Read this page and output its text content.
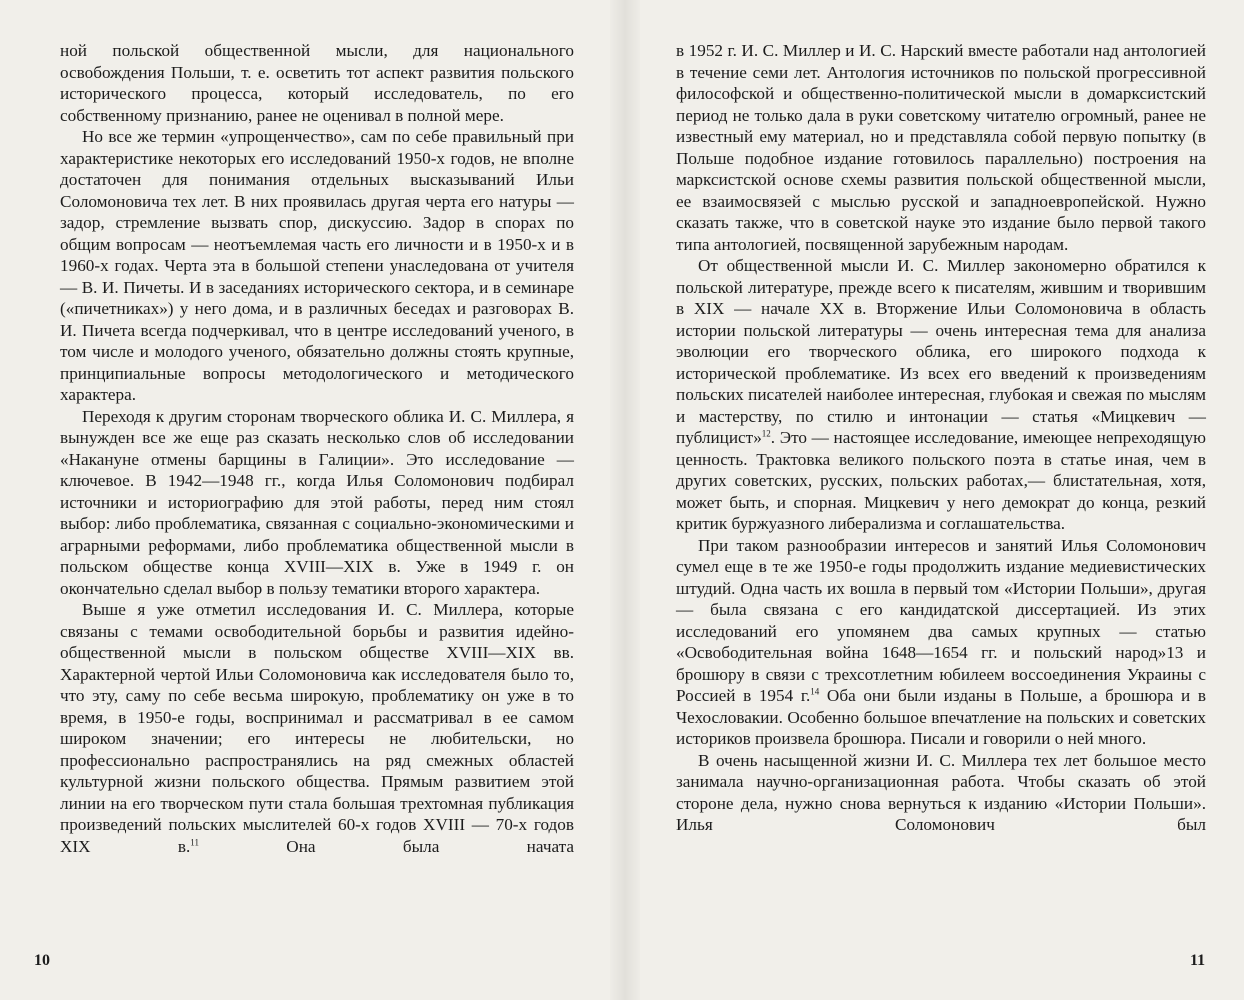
ной польской общественной мысли, для национального освобождения Польши, т. е. осветить тот аспект развития польского исторического процесса, который исследователь, по его собственному признанию, ранее не оценивал в полной мере.

Но все же термин «упрощенчество», сам по себе правильный при характеристике некоторых его исследований 1950-х годов, не вполне достаточен для понимания отдельных высказываний Ильи Соломоновича тех лет. В них проявилась другая черта его натуры — задор, стремление вызвать спор, дискуссию. Задор в спорах по общим вопросам — неотъемлемая часть его личности и в 1950-х и в 1960-х годах. Черта эта в большой степени унаследована от учителя — В. И. Пичеты. И в заседаниях исторического сектора, и в семинаре («пичетниках») у него дома, и в различных беседах и разговорах В. И. Пичета всегда подчеркивал, что в центре исследований ученого, в том числе и молодого ученого, обязательно должны стоять крупные, принципиальные вопросы методологического и методического характера.

Переходя к другим сторонам творческого облика И. С. Миллера, я вынужден все же еще раз сказать несколько слов об исследовании «Накануне отмены барщины в Галиции». Это исследование — ключевое. В 1942—1948 гг., когда Илья Соломонович подбирал источники и историографию для этой работы, перед ним стоял выбор: либо проблематика, связанная с социально-экономическими и аграрными реформами, либо проблематика общественной мысли в польском обществе конца XVIII—XIX в. Уже в 1949 г. он окончательно сделал выбор в пользу тематики второго характера.

Выше я уже отметил исследования И. С. Миллера, которые связаны с темами освободительной борьбы и развития идейно-общественной мысли в польском обществе XVIII—XIX вв. Характерной чертой Ильи Соломоновича как исследователя было то, что эту, саму по себе весьма широкую, проблематику он уже в то время, в 1950-е годы, воспринимал и рассматривал в ее самом широком значении; его интересы не любительски, но профессионально распространялись на ряд смежных областей культурной жизни польского общества. Прямым развитием этой линии на его творческом пути стала большая трехтомная публикация произведений польских мыслителей 60-х годов XVIII — 70-х годов XIX в.$^{11}$ Она была начата

в 1952 г. И. С. Миллер и И. С. Нарский вместе работали над антологией в течение семи лет. Антология источников по польской прогрессивной философской и общественно-политической мысли в домарксистский период не только дала в руки советскому читателю огромный, ранее не известный ему материал, но и представляла собой первую попытку (в Польше подобное издание готовилось параллельно) построения на марксистской основе схемы развития польской общественной мысли, ее взаимосвязей с мыслью русской и западноевропейской. Нужно сказать также, что в советской науке это издание было первой такого типа антологией, посвященной зарубежным народам.

От общественной мысли И. С. Миллер закономерно обратился к польской литературе, прежде всего к писателям, жившим и творившим в XIX — начале XX в. Вторжение Ильи Соломоновича в область истории польской литературы — очень интересная тема для анализа эволюции его творческого облика, его широкого подхода к исторической проблематике. Из всех его введений к произведениям польских писателей наиболее интересная, глубокая и свежая по мыслям и мастерству, по стилю и интонации — статья «Мицкевич — публицист»$^{12}$. Это — настоящее исследование, имеющее непреходящую ценность. Трактовка великого польского поэта в статье иная, чем в других советских, русских, польских работах,— блистательная, хотя, может быть, и спорная. Мицкевич у него демократ до конца, резкий критик буржуазного либерализма и соглашательства.

При таком разнообразии интересов и занятий Илья Соломонович сумел еще в те же 1950-е годы продолжить издание медиевистических штудий. Одна часть их вошла в первый том «Истории Польши», другая — была связана с его кандидатской диссертацией. Из этих исследований его упомянем два самых крупных — статью «Освободительная война 1648—1654 гг. и польский народ»13 и брошюру в связи с трехсотлетним юбилеем воссоединения Украины с Россией в 1954 г.$^{14}$ Оба они были изданы в Польше, а брошюра и в Чехословакии. Особенно большое впечатление на польских и советских историков произвела брошюра. Писали и говорили о ней много.

В очень насыщенной жизни И. С. Миллера тех лет большое место занимала научно-организационная работа. Чтобы сказать об этой стороне дела, нужно снова вернуться к изданию «Истории Польши». Илья Соломонович был

10	11
